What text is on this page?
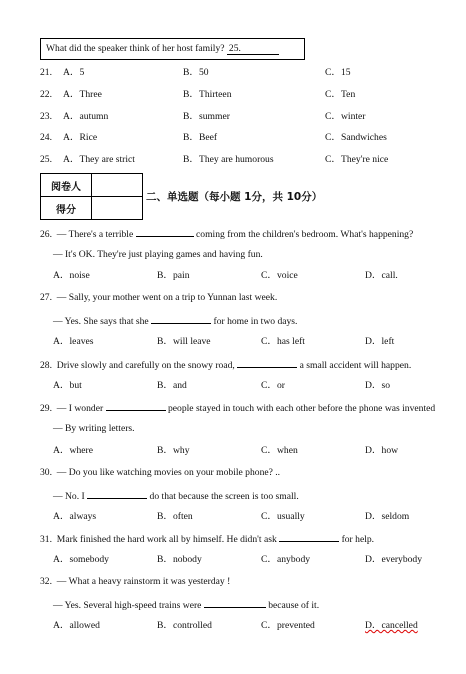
What did the speaker think of her host family? 25.
21. A．5	B．50	C．15
22. A．Three	B．Thirteen	C．Ten
23. A．autumn	B．summer	C．winter
24. A．Rice	B．Beef	C．Sandwiches
25. A．They are strict	B．They are humorous	C．They're nice
阅卷人	
得分	
二、单选题（每小题 1分，共 10分）
26. — There's a terrible	coming from the children's bedroom. What's happening?
— It's OK. They're just playing games and having fun.
A．noise	B．pain	C．voice	D．call.
27. — Sally, your mother went on a trip to Yunnan last week.
— Yes. She says that she	for home in two days.
A．leaves	B．will leave	C．has left	D．left
28. Drive slowly and carefully on the snowy road,	a small accident will happen.
A．but	B．and	C．or	D．so
29. — I wonder	people stayed in touch with each other before the phone was invented
— By writing letters.
A．where	B．why	C．when	D．how
30. — Do you like watching movies on your mobile phone? ..
— No. I	do that because the screen is too small.
A．always	B．often	C．usually	D．seldom
31. Mark finished the hard work all by himself. He didn't ask	for help.
A．somebody	B．nobody	C．anybody	D．everybody
32. — What a heavy rainstorm it was yesterday !
— Yes. Several high-speed trains were	because of it.
A．allowed	B．controlled	C．prevented	D．cancelled
